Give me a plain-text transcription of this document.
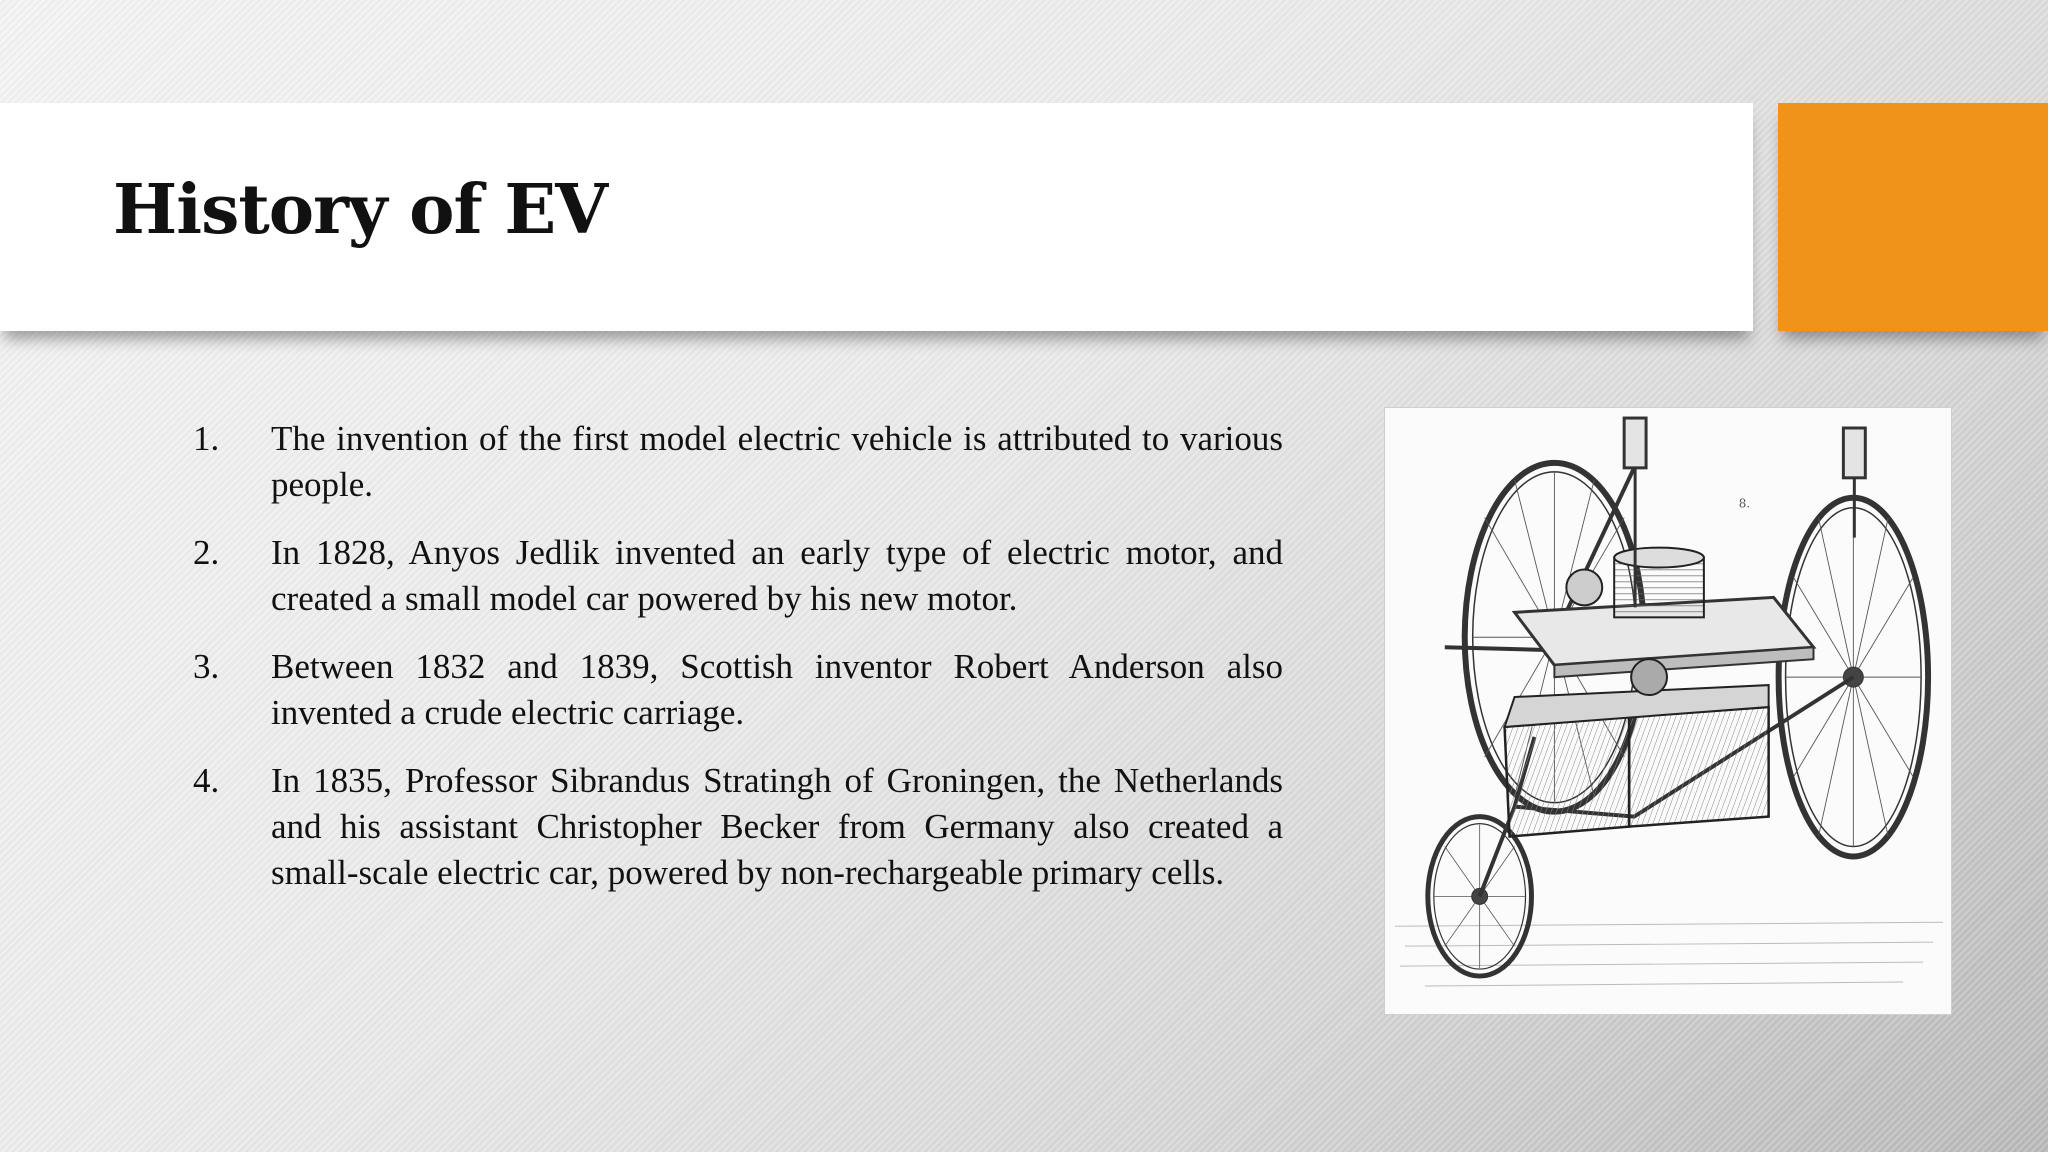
History of EV
1. The invention of the first model electric vehicle is attributed to various people.
2. In 1828, Anyos Jedlik invented an early type of electric motor, and created a small model car powered by his new motor.
3. Between 1832 and 1839, Scottish inventor Robert Anderson also invented a crude electric carriage.
4. In 1835, Professor Sibrandus Stratingh of Groningen, the Netherlands and his assistant Christopher Becker from Germany also created a small-scale electric car, powered by non-rechargeable primary cells.
8.
